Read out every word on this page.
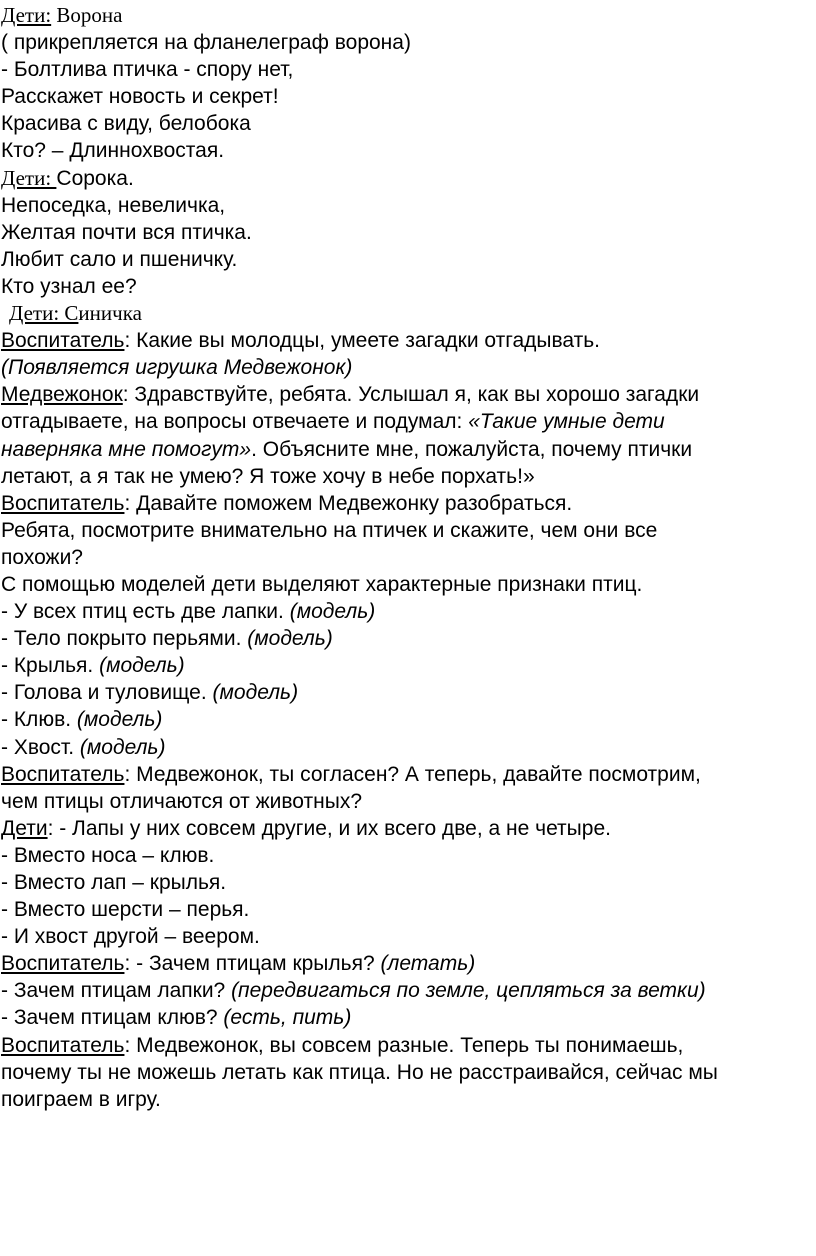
Дети: Ворона
( прикрепляется на фланелеграф ворона)
- Болтлива птичка - спору нет,
Расскажет новость и секрет!
Красива с виду, белобока
Кто? – Длиннохвостая.
Дети: Сорока.
Непоседка, невеличка,
Желтая почти вся птичка.
Любит сало и пшеничку.
Кто узнал ее?
Дети: Синичка
Воспитатель: Какие вы молодцы, умеете загадки отгадывать.
(Появляется игрушка Медвежонок)
Медвежонок: Здравствуйте, ребята. Услышал я, как вы хорошо загадки
отгадываете, на вопросы отвечаете и подумал: «Такие умные дети
наверняка мне помогут». Объясните мне, пожалуйста, почему птички
летают, а я так не умею? Я тоже хочу в небе порхать!»
Воспитатель: Давайте поможем Медвежонку разобраться.
Ребята, посмотрите внимательно на птичек и скажите, чем они все
похожи?
С помощью моделей дети выделяют характерные признаки птиц.
- У всех птиц есть две лапки. (модель)
- Тело покрыто перьями. (модель)
- Крылья. (модель)
- Голова и туловище. (модель)
- Клюв. (модель)
- Хвост. (модель)
Воспитатель: Медвежонок, ты согласен? А теперь, давайте посмотрим,
чем птицы отличаются от животных?
Дети: - Лапы у них совсем другие, и их всего две, а не четыре.
- Вместо носа – клюв.
- Вместо лап – крылья.
- Вместо шерсти – перья.
- И хвост другой – веером.
Воспитатель: - Зачем птицам крылья? (летать)
- Зачем птицам лапки? (передвигаться по земле, цепляться за ветки)
- Зачем птицам клюв? (есть, пить)
Воспитатель: Медвежонок, вы совсем разные. Теперь ты понимаешь,
почему ты не можешь летать как птица. Но не расстраивайся, сейчас мы
поиграем в игру.
